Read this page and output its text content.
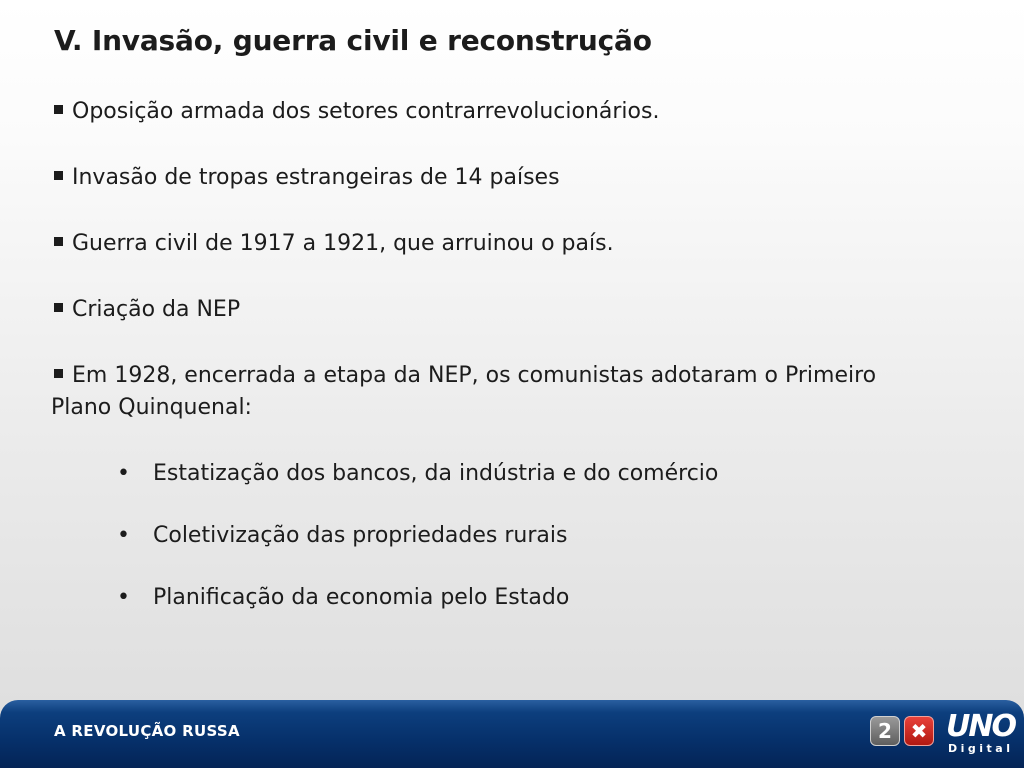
V. Invasão, guerra civil e reconstrução
Oposição armada dos setores contrarrevolucionários.
Invasão de tropas estrangeiras de 14 países
Guerra civil de 1917 a 1921, que arruinou o país.
Criação da NEP
Em 1928, encerrada a etapa da NEP, os comunistas adotaram o Primeiro Plano Quinquenal:
• Estatização dos bancos, da indústria e do comércio
• Coletivização das propriedades rurais
• Planificação da economia pelo Estado
A REVOLUÇÃO RUSSA	2 ✖ UNO
Digital
